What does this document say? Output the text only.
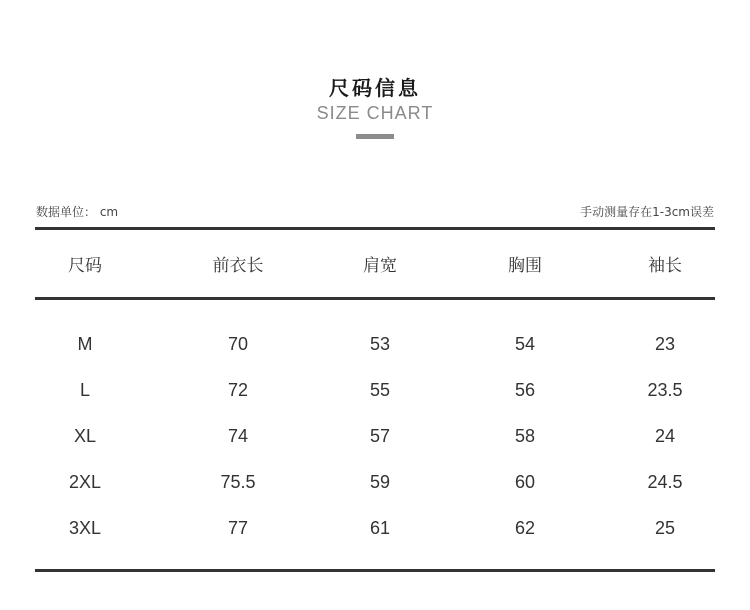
尺码信息
SIZE CHART
数据单位： cm	手动测量存在1-3cm误差
尺码	前衣长	肩宽	胸围	袖长
M	70	53	54	23
L	72	55	56	23.5
XL	74	57	58	24
2XL	75.5	59	60	24.5
3XL	77	61	62	25
